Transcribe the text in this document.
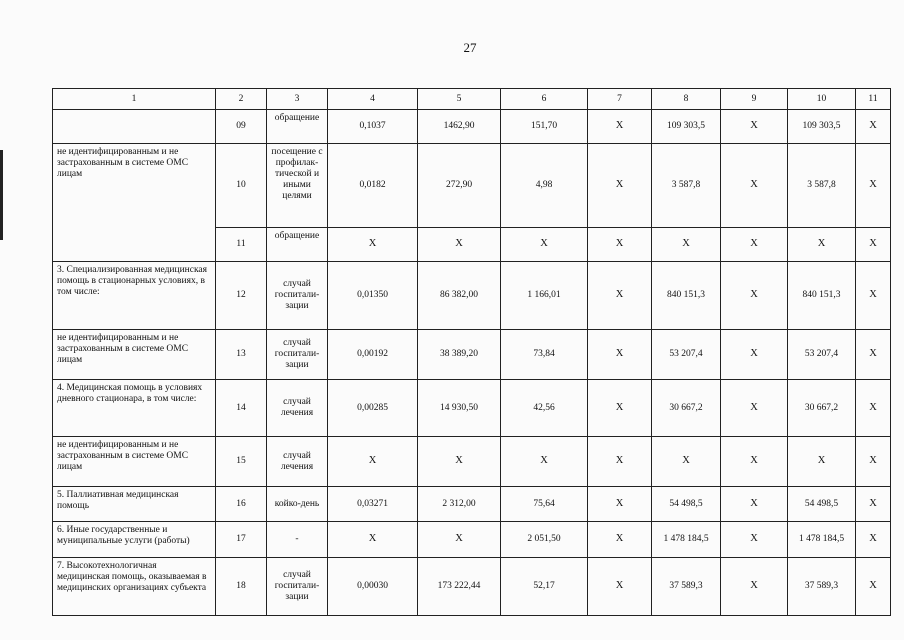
27
1	2	3	4	5	6	7	8	9	10	11
	09	обращение	0,1037	1462,90	151,70	Х	109 303,5	Х	109 303,5	Х
не идентифицированным и не застрахованным в системе ОМС лицам	10	посещение с профилак-тической и иными целями	0,0182	272,90	4,98	Х	3 587,8	Х	3 587,8	Х
	11	обращение	Х	Х	Х	Х	Х	Х	Х	Х
3. Специализированная медицинская помощь в стационарных условиях, в том числе:	12	случай госпитали-зации	0,01350	86 382,00	1 166,01	Х	840 151,3	Х	840 151,3	Х
не идентифицированным и не застрахованным в системе ОМС лицам	13	случай госпитали-зации	0,00192	38 389,20	73,84	Х	53 207,4	Х	53 207,4	Х
4. Медицинская помощь в условиях дневного стационара, в том числе:	14	случай лечения	0,00285	14 930,50	42,56	Х	30 667,2	Х	30 667,2	Х
не идентифицированным и не застрахованным в системе ОМС лицам	15	случай лечения	Х	Х	Х	Х	Х	Х	Х	Х
5. Паллиативная медицинская помощь	16	койко-день	0,03271	2 312,00	75,64	Х	54 498,5	Х	54 498,5	Х
6. Иные государственные и муниципальные услуги (работы)	17	-	Х	Х	2 051,50	Х	1 478 184,5	Х	1 478 184,5	Х
7. Высокотехнологичная медицинская помощь, оказываемая в медицинских организациях субъекта	18	случай госпитали-зации	0,00030	173 222,44	52,17	Х	37 589,3	Х	37 589,3	Х
